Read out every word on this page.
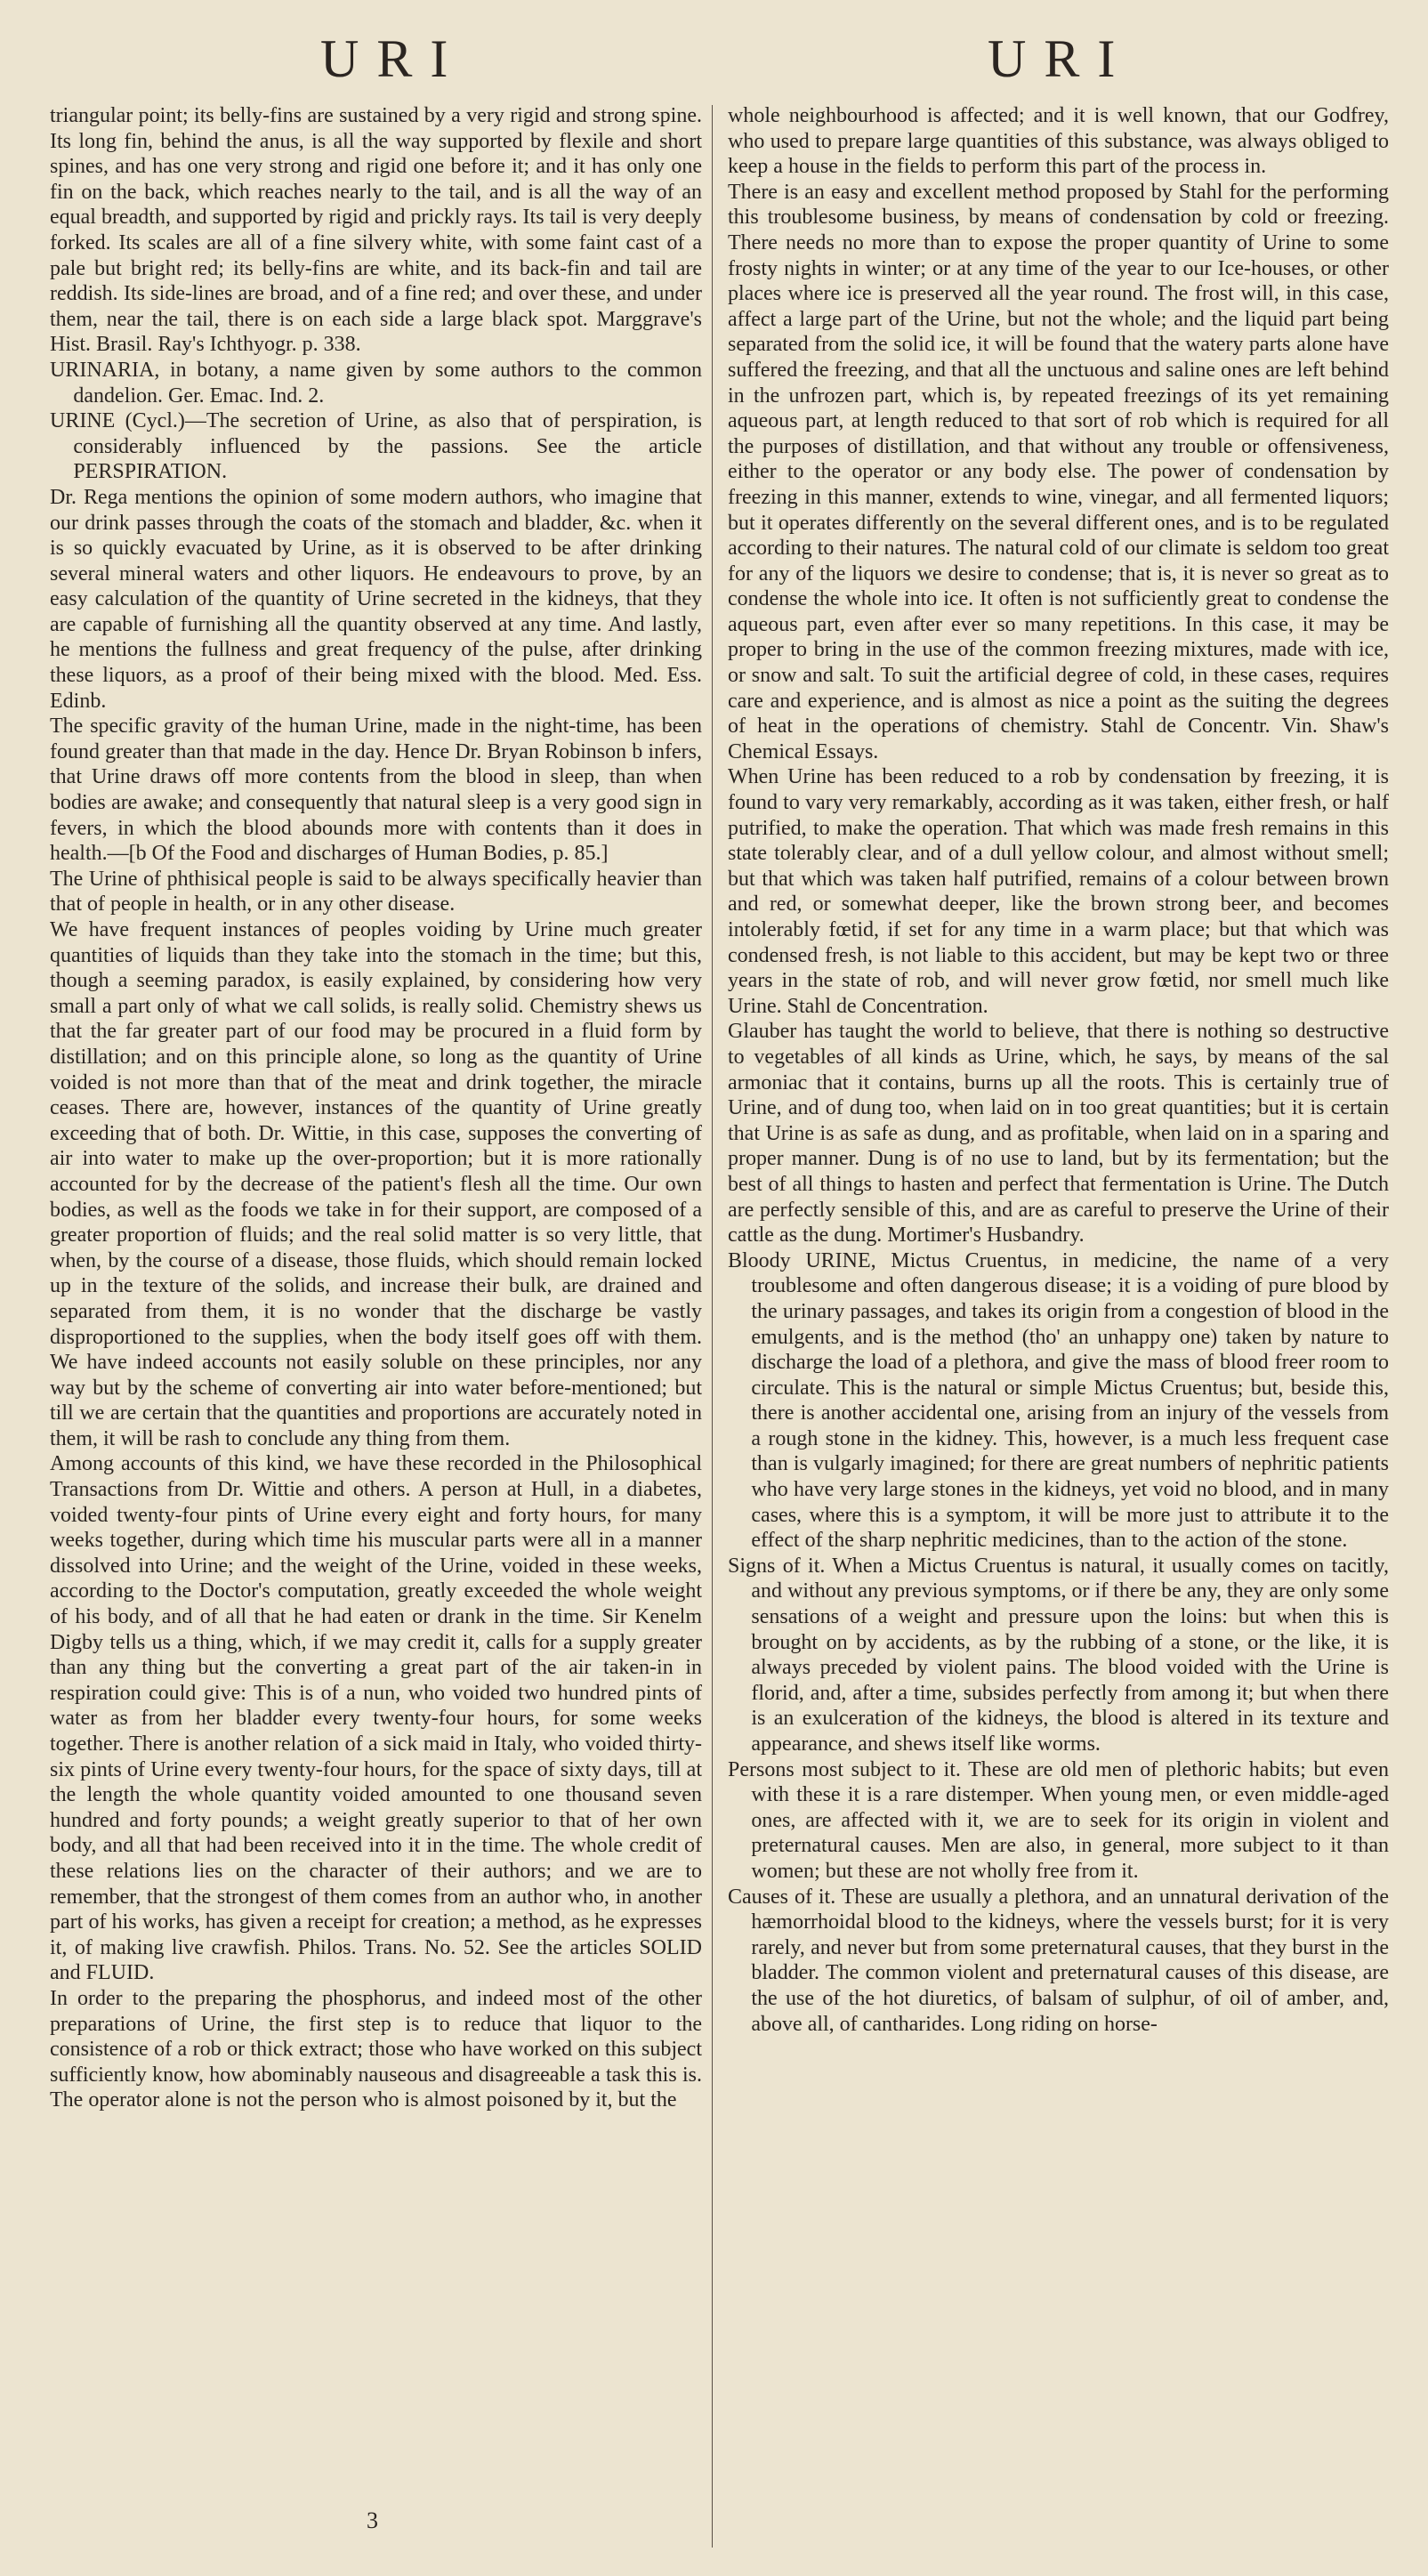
URI	URI

triangular point; its belly-fins are sustained by a very rigid and strong spine. Its long fin, behind the anus, is all the way supported by flexile and short spines, and has one very strong and rigid one before it; and it has only one fin on the back, which reaches nearly to the tail, and is all the way of an equal breadth, and supported by rigid and prickly rays. Its tail is very deeply forked. Its scales are all of a fine silvery white, with some faint cast of a pale but bright red; its belly-fins are white, and its back-fin and tail are reddish. Its side-lines are broad, and of a fine red; and over these, and under them, near the tail, there is on each side a large black spot. Marggrave's Hist. Brasil. Ray's Ichthyogr. p. 338.

URINARIA, in botany, a name given by some authors to the common dandelion. Ger. Emac. Ind. 2.

URINE (Cycl.)—The secretion of Urine, as also that of perspiration, is considerably influenced by the passions. See the article PERSPIRATION.

Dr. Rega mentions the opinion of some modern authors, who imagine that our drink passes through the coats of the stomach and bladder, &c. when it is so quickly evacuated by Urine, as it is observed to be after drinking several mineral waters and other liquors. He endeavours to prove, by an easy calculation of the quantity of Urine secreted in the kidneys, that they are capable of furnishing all the quantity observed at any time. And lastly, he mentions the fullness and great frequency of the pulse, after drinking these liquors, as a proof of their being mixed with the blood. Med. Ess. Edinb.

The specific gravity of the human Urine, made in the night-time, has been found greater than that made in the day. Hence Dr. Bryan Robinson b infers, that Urine draws off more contents from the blood in sleep, than when bodies are awake; and consequently that natural sleep is a very good sign in fevers, in which the blood abounds more with contents than it does in health.—[b Of the Food and discharges of Human Bodies, p. 85.]

The Urine of phthisical people is said to be always specifically heavier than that of people in health, or in any other disease.

We have frequent instances of peoples voiding by Urine much greater quantities of liquids than they take into the stomach in the time; but this, though a seeming paradox, is easily explained, by considering how very small a part only of what we call solids, is really solid. Chemistry shews us that the far greater part of our food may be procured in a fluid form by distillation; and on this principle alone, so long as the quantity of Urine voided is not more than that of the meat and drink together, the miracle ceases. There are, however, instances of the quantity of Urine greatly exceeding that of both. Dr. Wittie, in this case, supposes the converting of air into water to make up the over-proportion; but it is more rationally accounted for by the decrease of the patient's flesh all the time. Our own bodies, as well as the foods we take in for their support, are composed of a greater proportion of fluids; and the real solid matter is so very little, that when, by the course of a disease, those fluids, which should remain locked up in the texture of the solids, and increase their bulk, are drained and separated from them, it is no wonder that the discharge be vastly disproportioned to the supplies, when the body itself goes off with them. We have indeed accounts not easily soluble on these principles, nor any way but by the scheme of converting air into water before-mentioned; but till we are certain that the quantities and proportions are accurately noted in them, it will be rash to conclude any thing from them.

Among accounts of this kind, we have these recorded in the Philosophical Transactions from Dr. Wittie and others. A person at Hull, in a diabetes, voided twenty-four pints of Urine every eight and forty hours, for many weeks together, during which time his muscular parts were all in a manner dissolved into Urine; and the weight of the Urine, voided in these weeks, according to the Doctor's computation, greatly exceeded the whole weight of his body, and of all that he had eaten or drank in the time. Sir Kenelm Digby tells us a thing, which, if we may credit it, calls for a supply greater than any thing but the converting a great part of the air taken-in in respiration could give: This is of a nun, who voided two hundred pints of water as from her bladder every twenty-four hours, for some weeks together. There is another relation of a sick maid in Italy, who voided thirty-six pints of Urine every twenty-four hours, for the space of sixty days, till at the length the whole quantity voided amounted to one thousand seven hundred and forty pounds; a weight greatly superior to that of her own body, and all that had been received into it in the time. The whole credit of these relations lies on the character of their authors; and we are to remember, that the strongest of them comes from an author who, in another part of his works, has given a receipt for creation; a method, as he expresses it, of making live crawfish. Philos. Trans. No. 52. See the articles SOLID and FLUID.

In order to the preparing the phosphorus, and indeed most of the other preparations of Urine, the first step is to reduce that liquor to the consistence of a rob or thick extract; those who have worked on this subject sufficiently know, how abominably nauseous and disagreeable a task this is. The operator alone is not the person who is almost poisoned by it, but the

whole neighbourhood is affected; and it is well known, that our Godfrey, who used to prepare large quantities of this substance, was always obliged to keep a house in the fields to perform this part of the process in.

There is an easy and excellent method proposed by Stahl for the performing this troublesome business, by means of condensation by cold or freezing. There needs no more than to expose the proper quantity of Urine to some frosty nights in winter; or at any time of the year to our Ice-houses, or other places where ice is preserved all the year round. The frost will, in this case, affect a large part of the Urine, but not the whole; and the liquid part being separated from the solid ice, it will be found that the watery parts alone have suffered the freezing, and that all the unctuous and saline ones are left behind in the unfrozen part, which is, by repeated freezings of its yet remaining aqueous part, at length reduced to that sort of rob which is required for all the purposes of distillation, and that without any trouble or offensiveness, either to the operator or any body else. The power of condensation by freezing in this manner, extends to wine, vinegar, and all fermented liquors; but it operates differently on the several different ones, and is to be regulated according to their natures. The natural cold of our climate is seldom too great for any of the liquors we desire to condense; that is, it is never so great as to condense the whole into ice. It often is not sufficiently great to condense the aqueous part, even after ever so many repetitions. In this case, it may be proper to bring in the use of the common freezing mixtures, made with ice, or snow and salt. To suit the artificial degree of cold, in these cases, requires care and experience, and is almost as nice a point as the suiting the degrees of heat in the operations of chemistry. Stahl de Concentr. Vin. Shaw's Chemical Essays.

When Urine has been reduced to a rob by condensation by freezing, it is found to vary very remarkably, according as it was taken, either fresh, or half putrified, to make the operation. That which was made fresh remains in this state tolerably clear, and of a dull yellow colour, and almost without smell; but that which was taken half putrified, remains of a colour between brown and red, or somewhat deeper, like the brown strong beer, and becomes intolerably fœtid, if set for any time in a warm place; but that which was condensed fresh, is not liable to this accident, but may be kept two or three years in the state of rob, and will never grow fœtid, nor smell much like Urine. Stahl de Concentration.

Glauber has taught the world to believe, that there is nothing so destructive to vegetables of all kinds as Urine, which, he says, by means of the sal armoniac that it contains, burns up all the roots. This is certainly true of Urine, and of dung too, when laid on in too great quantities; but it is certain that Urine is as safe as dung, and as profitable, when laid on in a sparing and proper manner. Dung is of no use to land, but by its fermentation; but the best of all things to hasten and perfect that fermentation is Urine. The Dutch are perfectly sensible of this, and are as careful to preserve the Urine of their cattle as the dung. Mortimer's Husbandry.

Bloody URINE, Mictus Cruentus, in medicine, the name of a very troublesome and often dangerous disease; it is a voiding of pure blood by the urinary passages, and takes its origin from a congestion of blood in the emulgents, and is the method (tho' an unhappy one) taken by nature to discharge the load of a plethora, and give the mass of blood freer room to circulate. This is the natural or simple Mictus Cruentus; but, beside this, there is another accidental one, arising from an injury of the vessels from a rough stone in the kidney. This, however, is a much less frequent case than is vulgarly imagined; for there are great numbers of nephritic patients who have very large stones in the kidneys, yet void no blood, and in many cases, where this is a symptom, it will be more just to attribute it to the effect of the sharp nephritic medicines, than to the action of the stone.

Signs of it. When a Mictus Cruentus is natural, it usually comes on tacitly, and without any previous symptoms, or if there be any, they are only some sensations of a weight and pressure upon the loins: but when this is brought on by accidents, as by the rubbing of a stone, or the like, it is always preceded by violent pains. The blood voided with the Urine is florid, and, after a time, subsides perfectly from among it; but when there is an exulceration of the kidneys, the blood is altered in its texture and appearance, and shews itself like worms.

Persons most subject to it. These are old men of plethoric habits; but even with these it is a rare distemper. When young men, or even middle-aged ones, are affected with it, we are to seek for its origin in violent and preternatural causes. Men are also, in general, more subject to it than women; but these are not wholly free from it.

Causes of it. These are usually a plethora, and an unnatural derivation of the hæmorrhoidal blood to the kidneys, where the vessels burst; for it is very rarely, and never but from some preternatural causes, that they burst in the bladder. The common violent and preternatural causes of this disease, are the use of the hot diuretics, of balsam of sulphur, of oil of amber, and, above all, of cantharides. Long riding on horse-

3
